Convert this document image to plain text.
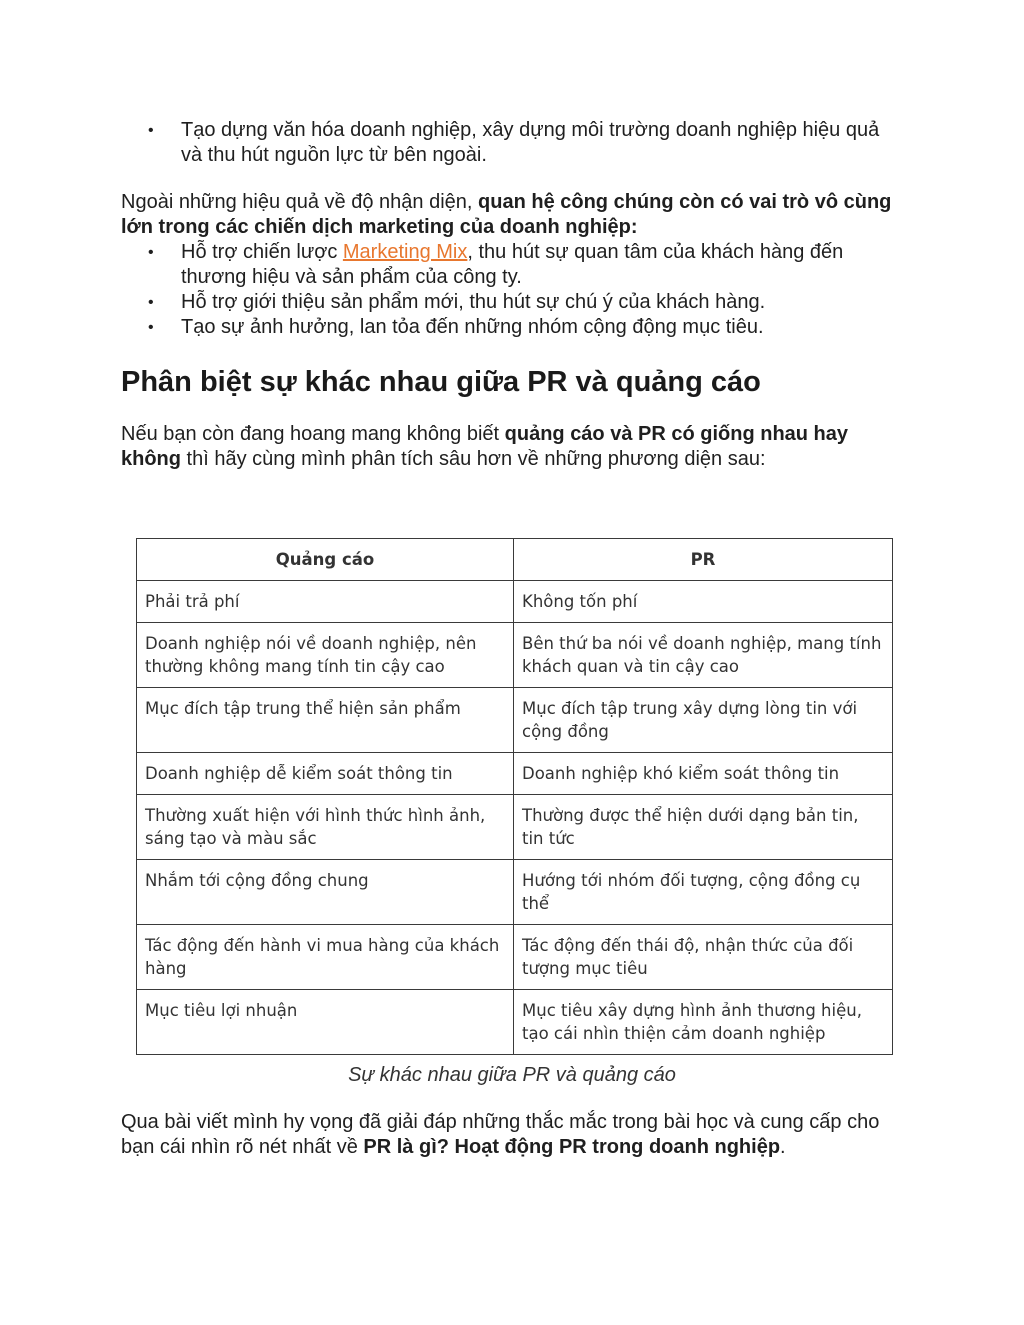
• Tạo dựng văn hóa doanh nghiệp, xây dựng môi trường doanh nghiệp hiệu quả và thu hút nguồn lực từ bên ngoài.

Ngoài những hiệu quả về độ nhận diện, quan hệ công chúng còn có vai trò vô cùng lớn trong các chiến dịch marketing của doanh nghiệp:

• Hỗ trợ chiến lược Marketing Mix, thu hút sự quan tâm của khách hàng đến thương hiệu và sản phẩm của công ty.
• Hỗ trợ giới thiệu sản phẩm mới, thu hút sự chú ý của khách hàng.
• Tạo sự ảnh hưởng, lan tỏa đến những nhóm cộng động mục tiêu.
Phân biệt sự khác nhau giữa PR và quảng cáo

Nếu bạn còn đang hoang mang không biết quảng cáo và PR có giống nhau hay không thì hãy cùng mình phân tích sâu hơn về những phương diện sau:

Quảng cáo	PR
Phải trả phí	Không tốn phí
Doanh nghiệp nói về doanh nghiệp, nên thường không mang tính tin cậy cao	Bên thứ ba nói về doanh nghiệp, mang tính khách quan và tin cậy cao
Mục đích tập trung thể hiện sản phẩm	Mục đích tập trung xây dựng lòng tin với cộng đồng
Doanh nghiệp dễ kiểm soát thông tin	Doanh nghiệp khó kiểm soát thông tin
Thường xuất hiện với hình thức hình ảnh, sáng tạo và màu sắc	Thường được thể hiện dưới dạng bản tin, tin tức
Nhắm tới cộng đồng chung	Hướng tới nhóm đối tượng, cộng đồng cụ thể
Tác động đến hành vi mua hàng của khách hàng	Tác động đến thái độ, nhận thức của đối tượng mục tiêu
Mục tiêu lợi nhuận	Mục tiêu xây dựng hình ảnh thương hiệu, tạo cái nhìn thiện cảm doanh nghiệp
Sự khác nhau giữa PR và quảng cáo

Qua bài viết mình hy vọng đã giải đáp những thắc mắc trong bài học và cung cấp cho bạn cái nhìn rõ nét nhất về PR là gì? Hoạt động PR trong doanh nghiệp.
